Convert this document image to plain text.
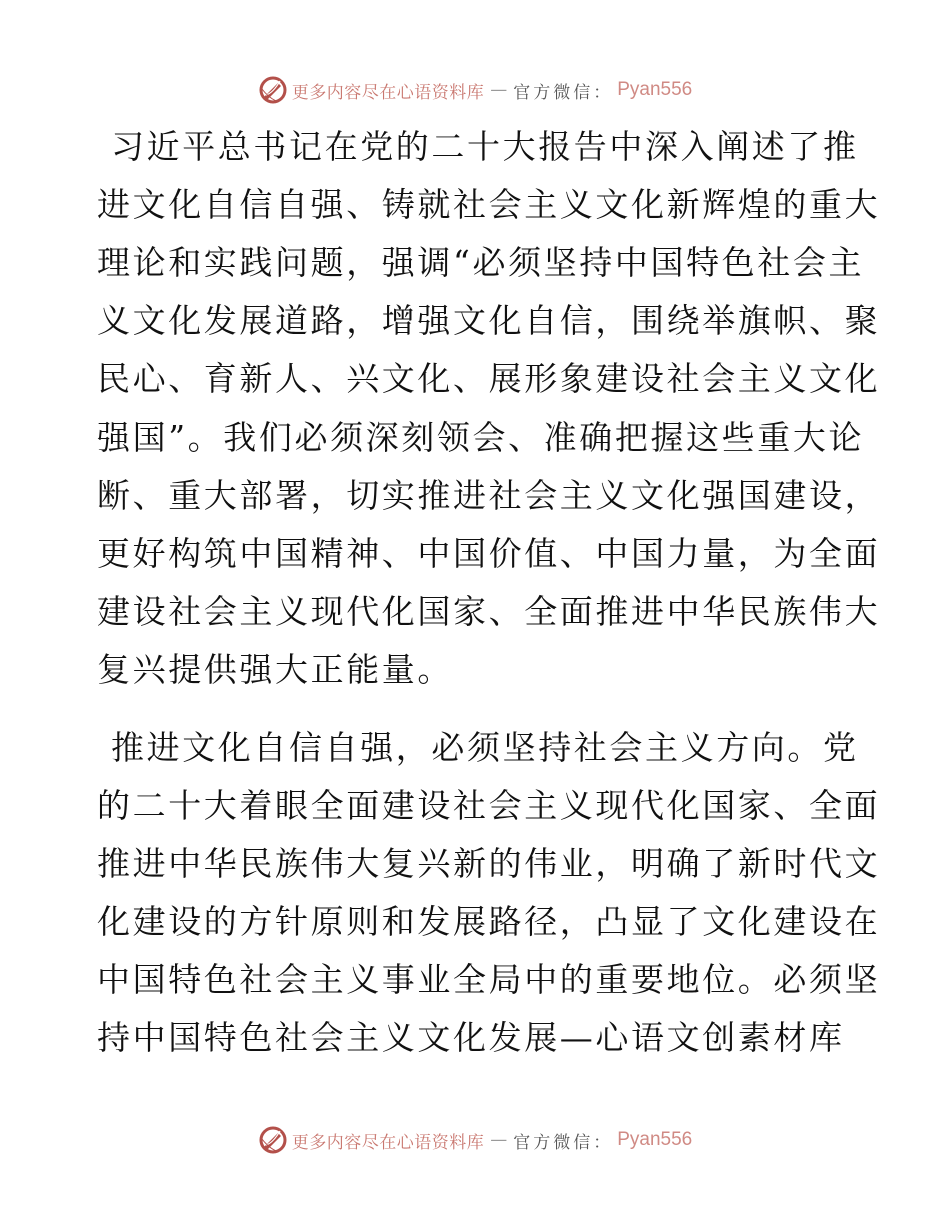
更多内容尽在心语资料库 — 官方微信： Pyan556
习近平总书记在党的二十大报告中深入阐述了推
进文化自信自强、铸就社会主义文化新辉煌的重大
理论和实践问题，强调“必须坚持中国特色社会主
义文化发展道路，增强文化自信，围绕举旗帜、聚
民心、育新人、兴文化、展形象建设社会主义文化
强国”。我们必须深刻领会、准确把握这些重大论
断、重大部署，切实推进社会主义文化强国建设，
更好构筑中国精神、中国价值、中国力量，为全面
建设社会主义现代化国家、全面推进中华民族伟大
复兴提供强大正能量。
推进文化自信自强，必须坚持社会主义方向。党
的二十大着眼全面建设社会主义现代化国家、全面
推进中华民族伟大复兴新的伟业，明确了新时代文
化建设的方针原则和发展路径，凸显了文化建设在
中国特色社会主义事业全局中的重要地位。必须坚
持中国特色社会主义文化发展—心语文创素材库
更多内容尽在心语资料库 — 官方微信： Pyan556
